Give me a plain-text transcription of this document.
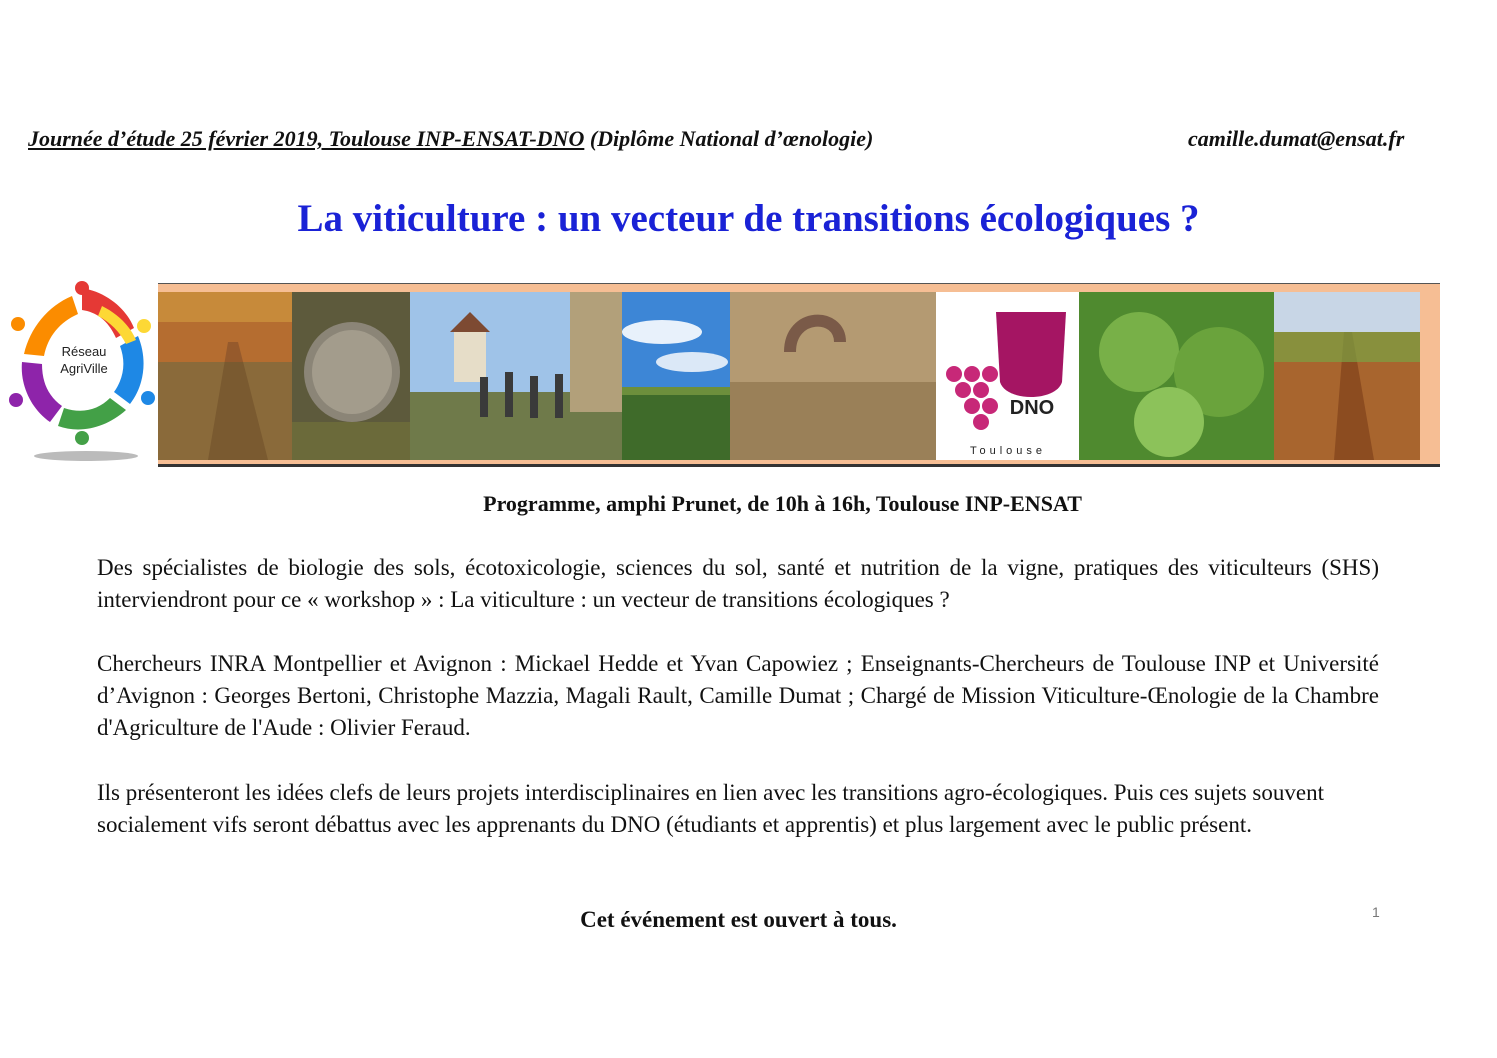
Journée d’étude 25 février 2019, Toulouse INP-ENSAT-DNO (Diplôme National d’œnologie)	camille.dumat@ensat.fr
La viticulture : un vecteur de transitions écologiques ?
Réseau
AgriVille
DNO
Toulouse
Programme, amphi Prunet, de 10h à 16h, Toulouse INP-ENSAT
Des spécialistes de biologie des sols, écotoxicologie, sciences du sol, santé et nutrition de la vigne, pratiques des viticulteurs (SHS) interviendront pour ce « workshop » : La viticulture : un vecteur de transitions écologiques ?
Chercheurs INRA Montpellier et Avignon : Mickael Hedde et Yvan Capowiez ; Enseignants-Chercheurs de Toulouse INP et Université d’Avignon : Georges Bertoni, Christophe Mazzia, Magali Rault, Camille Dumat ; Chargé de Mission Viticulture-Œnologie de la Chambre d'Agriculture de l'Aude : Olivier Feraud.
Ils présenteront les idées clefs de leurs projets interdisciplinaires en lien avec les transitions agro-écologiques. Puis ces sujets souvent socialement vifs seront débattus avec les apprenants du DNO (étudiants et apprentis) et plus largement avec le public présent.
1
Cet événement est ouvert à tous.
